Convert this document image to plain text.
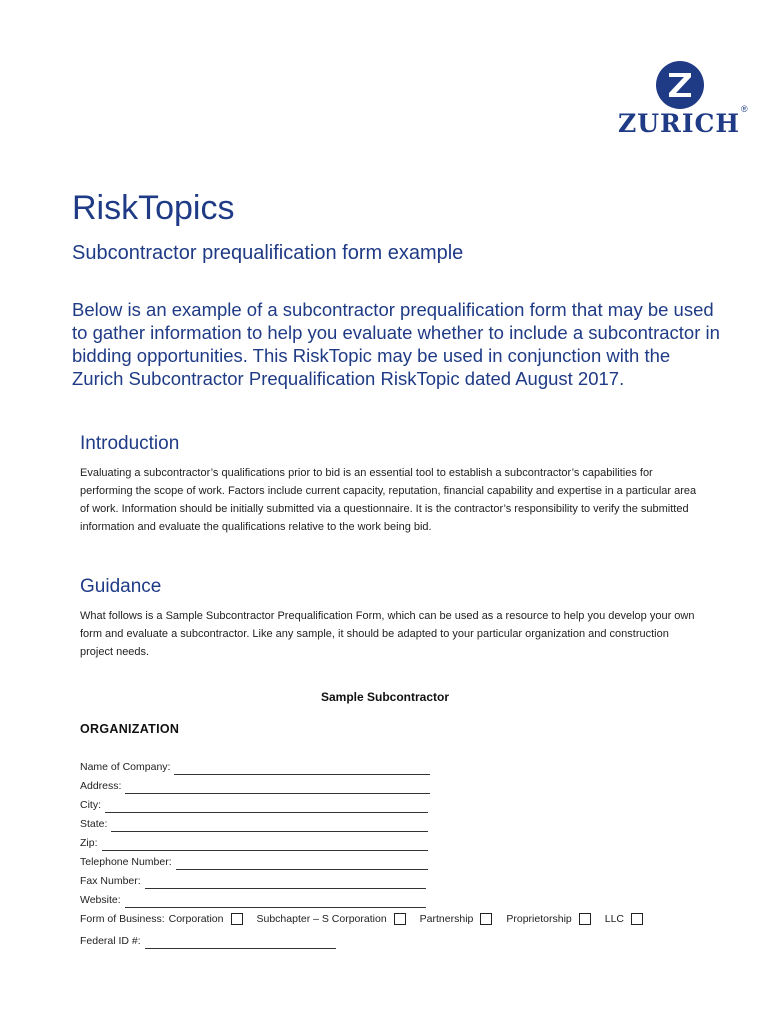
ZURICH ®
RiskTopics
Subcontractor prequalification form example

Below is an example of a subcontractor prequalification form that may be used to gather information to help you evaluate whether to include a subcontractor in bidding opportunities. This RiskTopic may be used in conjunction with the Zurich Subcontractor Prequalification RiskTopic dated August 2017.

Introduction

Evaluating a subcontractor’s qualifications prior to bid is an essential tool to establish a subcontractor’s capabilities for performing the scope of work. Factors include current capacity, reputation, financial capability and expertise in a particular area of work. Information should be initially submitted via a questionnaire. It is the contractor’s responsibility to verify the submitted information and evaluate the qualifications relative to the work being bid.

Guidance

What follows is a Sample Subcontractor Prequalification Form, which can be used as a resource to help you develop your own form and evaluate a subcontractor. Like any sample, it should be adapted to your particular organization and construction project needs.

Sample Subcontractor
ORGANIZATION
Name of Company:
Address:
City:
State:
Zip:
Telephone Number:
Fax Number:
Website:
Form of Business: Corporation	Subchapter – S Corporation	Partnership	Proprietorship	LLC
Federal ID #:
